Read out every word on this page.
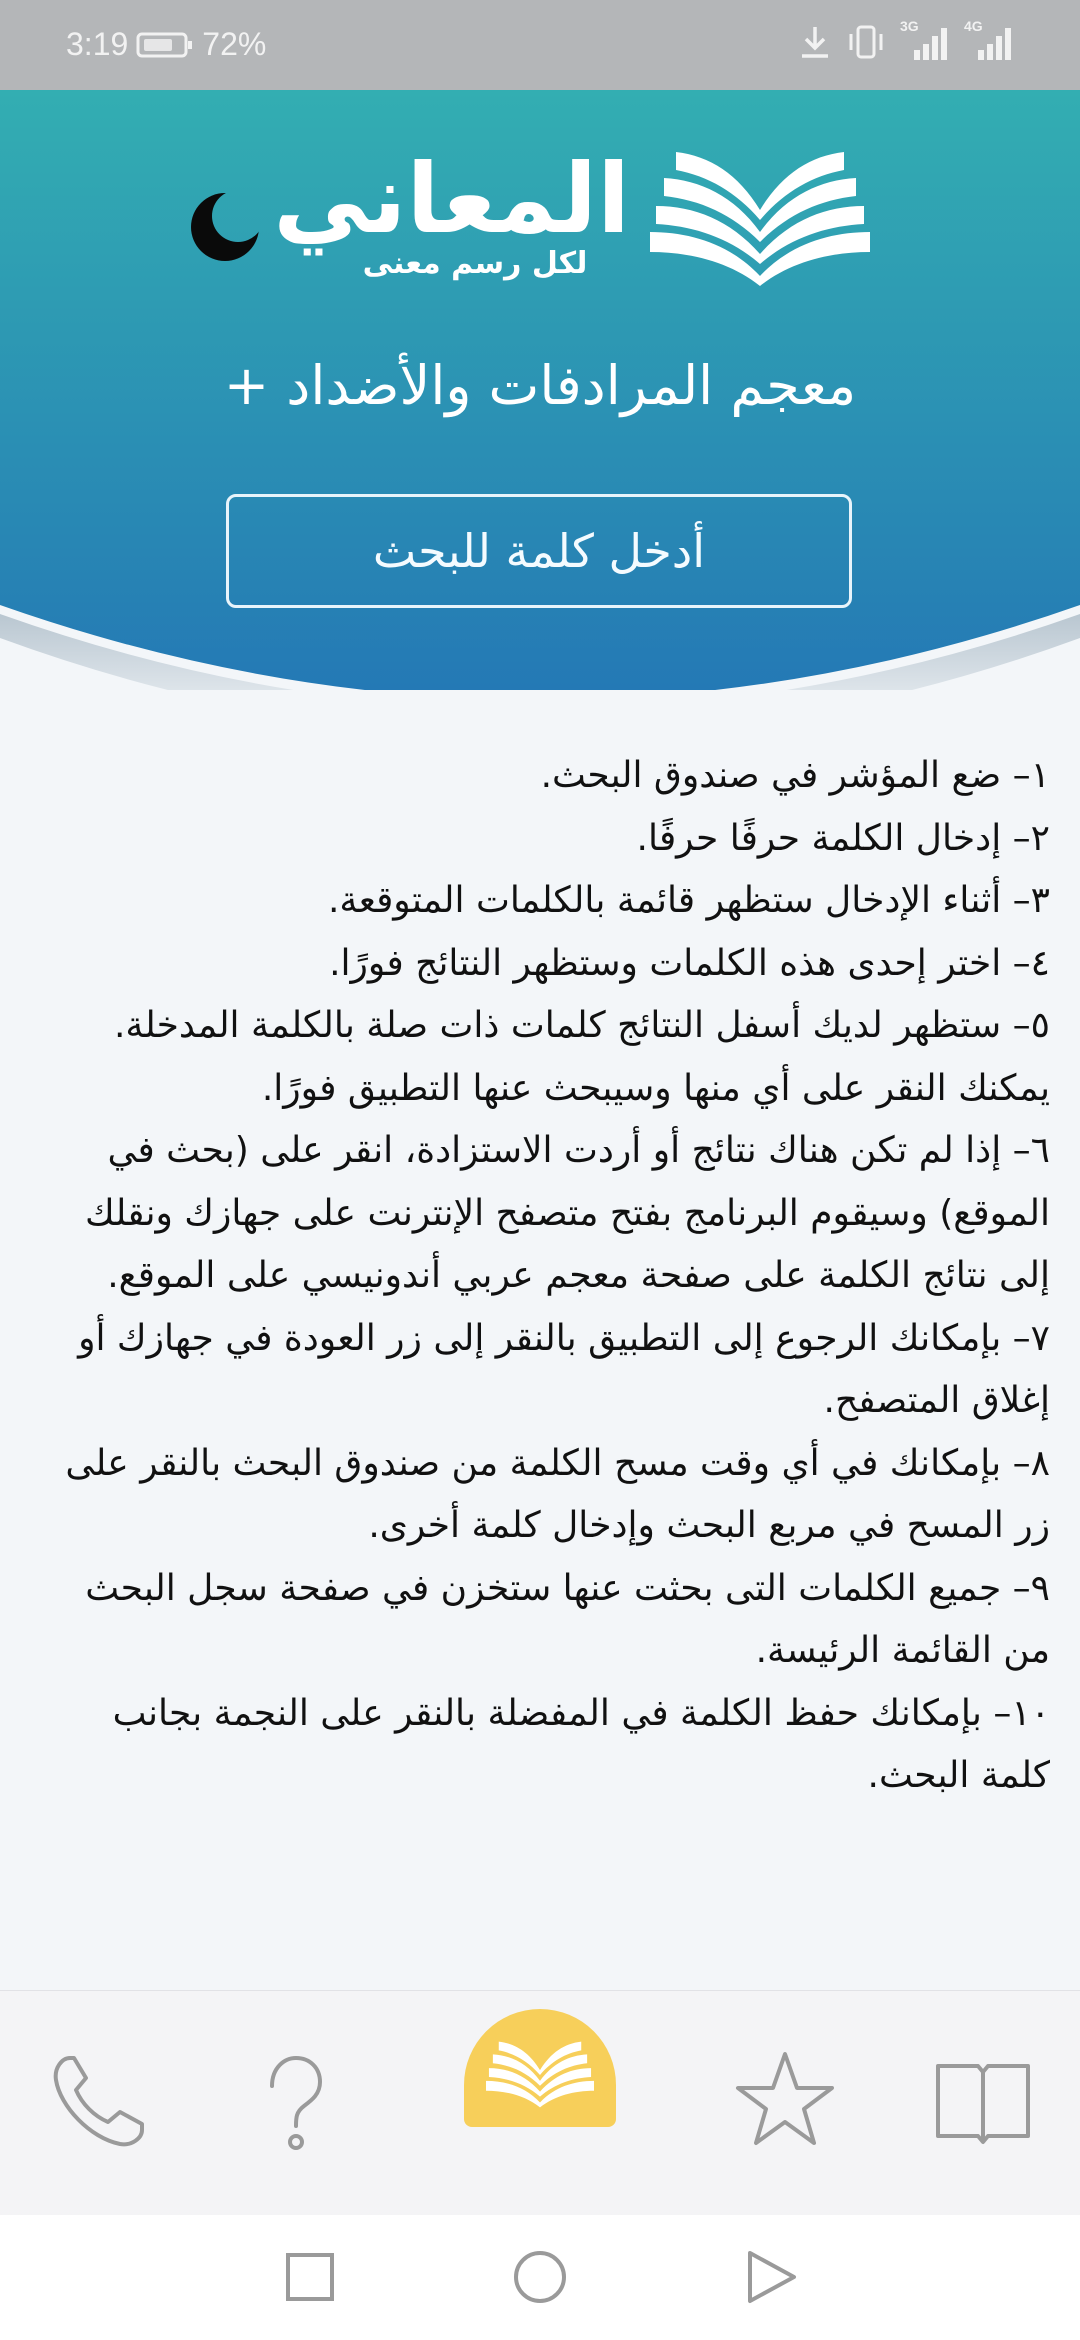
3:19 72%	3G	4G
المعاني
لكل رسم معنى
معجم المرادفات والأضداد +
أدخل كلمة للبحث

١– ضع المؤشر في صندوق البحث.

٢– إدخال الكلمة حرفًا حرفًا.

٣– أثناء الإدخال ستظهر قائمة بالكلمات المتوقعة.

٤– اختر إحدى هذه الكلمات وستظهر النتائج فورًا.

٥– ستظهر لديك أسفل النتائج كلمات ذات صلة بالكلمة المدخلة. يمكنك النقر على أي منها وسيبحث عنها التطبيق فورًا.

٦– إذا لم تكن هناك نتائج أو أردت الاستزادة، انقر على (بحث في الموقع) وسيقوم البرنامج بفتح متصفح الإنترنت على جهازك ونقلك إلى نتائج الكلمة على صفحة معجم عربي أندونيسي على الموقع.

٧– بإمكانك الرجوع إلى التطبيق بالنقر إلى زر العودة في جهازك أو إغلاق المتصفح.

٨– بإمكانك في أي وقت مسح الكلمة من صندوق البحث بالنقر على زر المسح في مربع البحث وإدخال كلمة أخرى.

٩– جميع الكلمات التى بحثت عنها ستخزن في صفحة سجل البحث من القائمة الرئيسة.

١٠– بإمكانك حفظ الكلمة في المفضلة بالنقر على النجمة بجانب كلمة البحث.
